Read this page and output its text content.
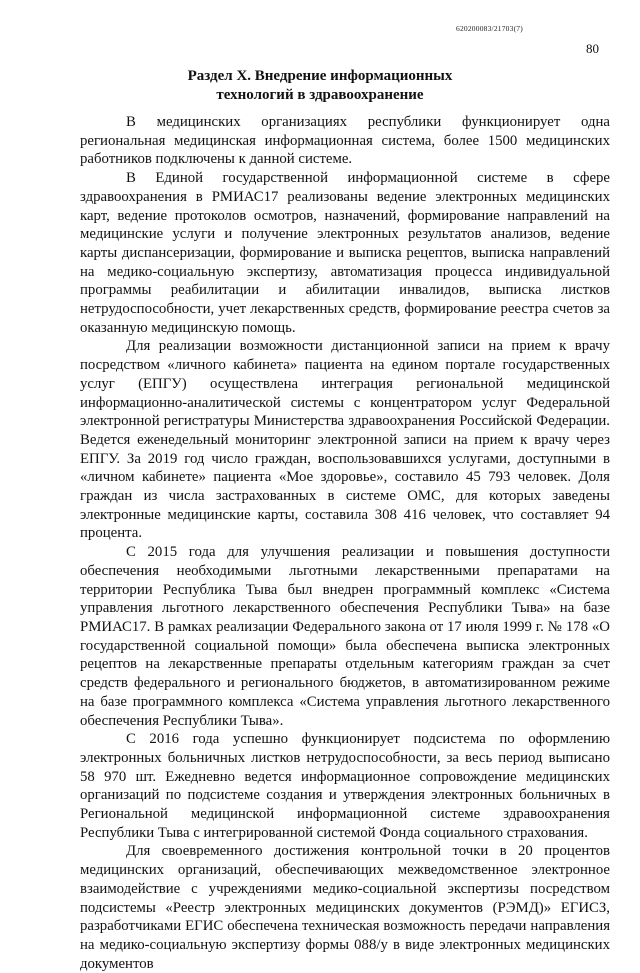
620200083/21703(7)
80
Раздел X. Внедрение информационных
технологий в здравоохранение

В медицинских организациях республики функционирует одна региональная медицинская информационная система, более 1500 медицинских работников подключены к данной системе.

В Единой государственной информационной системе в сфере здравоохранения в РМИАС17 реализованы ведение электронных медицинских карт, ведение протоколов осмотров, назначений, формирование направлений на медицинские услуги и получение электронных результатов анализов, ведение карты диспансеризации, формирование и выписка рецептов, выписка направлений на медико-социальную экспертизу, автоматизация процесса индивидуальной программы реабилитации и абилитации инвалидов, выписка листков нетрудоспособности, учет лекарственных средств, формирование реестра счетов за оказанную медицинскую помощь.

Для реализации возможности дистанционной записи на прием к врачу посредством «личного кабинета» пациента на едином портале государственных услуг (ЕПГУ) осуществлена интеграция региональной медицинской информационно-аналитической системы с концентратором услуг Федеральной электронной регистратуры Министерства здравоохранения Российской Федерации. Ведется еженедельный мониторинг электронной записи на прием к врачу через ЕПГУ. За 2019 год число граждан, воспользовавшихся услугами, доступными в «личном кабинете» пациента «Мое здоровье», составило 45 793 человек. Доля граждан из числа застрахованных в системе ОМС, для которых заведены электронные медицинские карты, составила 308 416 человек, что составляет 94 процента.

С 2015 года для улучшения реализации и повышения доступности обеспечения необходимыми льготными лекарственными препаратами на территории Республика Тыва был внедрен программный комплекс «Система управления льготного лекарственного обеспечения Республики Тыва» на базе РМИАС17. В рамках реализации Федерального закона от 17 июля 1999 г. № 178 «О государственной социальной помощи» была обеспечена выписка электронных рецептов на лекарственные препараты отдельным категориям граждан за счет средств федерального и регионального бюджетов, в автоматизированном режиме на базе программного комплекса «Система управления льготного лекарственного обеспечения Республики Тыва».

С 2016 года успешно функционирует подсистема по оформлению электронных больничных листков нетрудоспособности, за весь период выписано 58 970 шт. Ежедневно ведется информационное сопровождение медицинских организаций по подсистеме создания и утверждения электронных больничных в Региональной медицинской информационной системе здравоохранения Республики Тыва с интегрированной системой Фонда социального страхования.

Для своевременного достижения контрольной точки в 20 процентов медицинских организаций, обеспечивающих межведомственное электронное взаимодействие с учреждениями медико-социальной экспертизы посредством подсистемы «Реестр электронных медицинских документов (РЭМД)» ЕГИСЗ, разработчиками ЕГИС обеспечена техническая возможность передачи направления на медико-социальную экспертизу формы 088/у в виде электронных медицинских документов
